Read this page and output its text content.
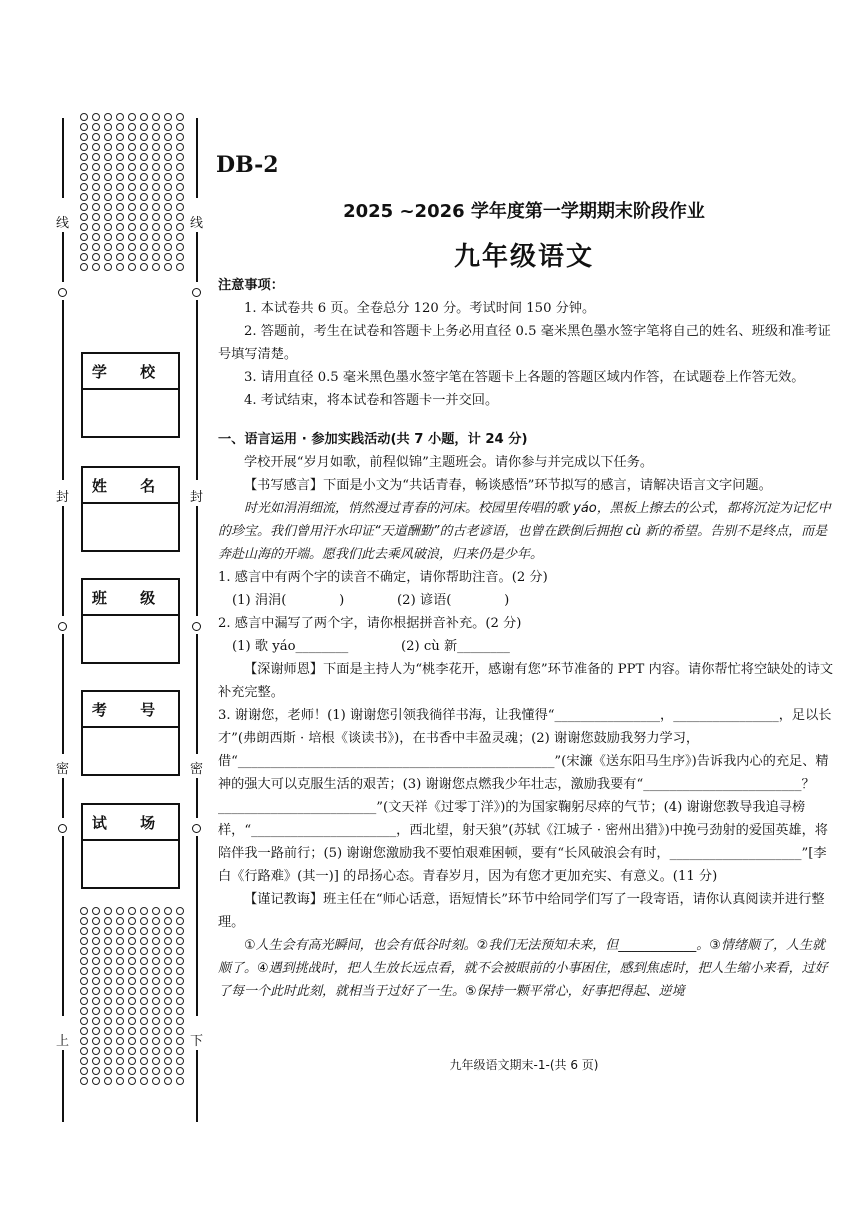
线
封
密
上
线
封
密
下
学 校
姓 名
班 级
考 号
试 场
DB-2
2025 ~2026 学年度第一学期期末阶段作业
九年级语文

注意事项：

1. 本试卷共 6 页。全卷总分 120 分。考试时间 150 分钟。

2. 答题前，考生在试卷和答题卡上务必用直径 0.5 毫米黑色墨水签字笔将自己的姓名、班级和准考证号填写清楚。

3. 请用直径 0.5 毫米黑色墨水签字笔在答题卡上各题的答题区域内作答，在试题卷上作答无效。

4. 考试结束，将本试卷和答题卡一并交回。

一、语言运用 · 参加实践活动(共 7 小题，计 24 分)

学校开展“岁月如歌，前程似锦”主题班会。请你参与并完成以下任务。

【书写感言】下面是小文为“共话青春，畅谈感悟”环节拟写的感言，请解决语言文字问题。

时光如涓涓细流，悄然漫过青春的河床。校园里传唱的歌 yáo，黑板上擦去的公式，都将沉淀为记忆中的珍宝。我们曾用汗水印证“天道酬勤”的古老谚语，也曾在跌倒后拥抱 cù 新的希望。告别不是终点，而是奔赴山海的开端。愿我们此去乘风破浪，归来仍是少年。

1. 感言中有两个字的读音不确定，请你帮助注音。(2 分)

(1) 涓涓(　　　　)　　　　(2) 谚语(　　　　)

2. 感言中漏写了两个字，请你根据拼音补充。(2 分)

(1) 歌 yáo________　　　　(2) cù 新________

【深谢师恩】下面是主持人为“桃李花开，感谢有您”环节准备的 PPT 内容。请你帮忙将空缺处的诗文补充完整。

3. 谢谢您，老师！(1) 谢谢您引领我徜徉书海，让我懂得“________________，________________，足以长才”(弗朗西斯 · 培根《谈读书》)，在书香中丰盈灵魂；(2) 谢谢您鼓励我努力学习，借“________________________________________________”(宋濂《送东阳马生序》)告诉我内心的充足、精神的强大可以克服生活的艰苦；(3) 谢谢您点燃我少年壮志，激励我要有“________________________？________________________”(文天祥《过零丁洋》)的为国家鞠躬尽瘁的气节；(4) 谢谢您教导我追寻榜样，“______________________，西北望，射天狼”(苏轼《江城子 · 密州出猎》)中挽弓劲射的爱国英雄，将陪伴我一路前行；(5) 谢谢您激励我不要怕艰难困顿，要有“长风破浪会有时，____________________”[李白《行路难》(其一)] 的昂扬心态。青春岁月，因为有您才更加充实、有意义。(11 分)

【谨记教诲】班主任在“师心话意，语短情长”环节中给同学们写了一段寄语，请你认真阅读并进行整理。

①人生会有高光瞬间，也会有低谷时刻。②我们无法预知未来，但____________。③情绪顺了，人生就顺了。④遇到挑战时，把人生放长远点看，就不会被眼前的小事困住，感到焦虑时，把人生缩小来看，过好了每一个此时此刻，就相当于过好了一生。⑤保持一颗平常心，好事把得起、逆境

九年级语文期末-1-(共 6 页)
